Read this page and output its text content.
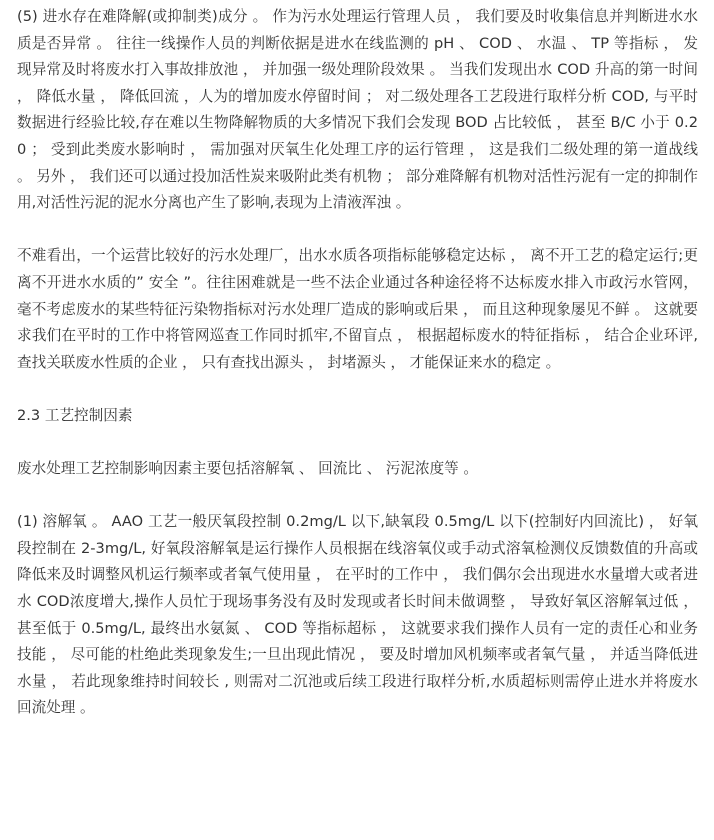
(5) 进水存在难降解(或抑制类)成分 。 作为污水处理运行管理人员 ， 我们要及时收集信息并判断进水水质是否异常 。 往往一线操作人员的判断依据是进水在线监测的 pH 、 COD 、 水温 、 TP 等指标 ， 发现异常及时将废水打入事故排放池 ， 并加强一级处理阶段效果 。 当我们发现出水 COD 升高的第一时间 ， 降低水量 ， 降低回流 ，人为的增加废水停留时间 ； 对二级处理各工艺段进行取样分析 COD, 与平时数据进行经验比较,存在难以生物降解物质的大多情况下我们会发现 BOD 占比较低 ， 甚至 B/C 小于 0.20 ； 受到此类废水影响时 ， 需加强对厌氧生化处理工序的运行管理 ， 这是我们二级处理的第一道战线 。 另外 ， 我们还可以通过投加活性炭来吸附此类有机物 ； 部分难降解有机物对活性污泥有一定的抑制作用,对活性污泥的泥水分离也产生了影响,表现为上清液浑浊 。

不难看出，一个运营比较好的污水处理厂，出水水质各项指标能够稳定达标 ， 离不开工艺的稳定运行;更离不开进水水质的” 安全 ”。往往困难就是一些不法企业通过各种途径将不达标废水排入市政污水管网，毫不考虑废水的某些特征污染物指标对污水处理厂造成的影响或后果 ， 而且这种现象屡见不鲜 。 这就要求我们在平时的工作中将管网巡查工作同时抓牢,不留盲点 ， 根据超标废水的特征指标 ， 结合企业环评,查找关联废水性质的企业 ， 只有查找出源头 ， 封堵源头 ， 才能保证来水的稳定 。

2.3 工艺控制因素

废水处理工艺控制影响因素主要包括溶解氧 、 回流比 、 污泥浓度等 。

(1) 溶解氧 。 AAO 工艺一般厌氧段控制 0.2mg/L 以下,缺氧段 0.5mg/L 以下(控制好内回流比) ， 好氧段控制在 2-3mg/L, 好氧段溶解氧是运行操作人员根据在线溶氧仪或手动式溶氧检测仪反馈数值的升高或降低来及时调整风机运行频率或者氧气使用量 ， 在平时的工作中 ， 我们偶尔会出现进水水量增大或者进水 COD浓度增大,操作人员忙于现场事务没有及时发现或者长时间未做调整 ， 导致好氧区溶解氧过低 ， 甚至低于 0.5mg/L, 最终出水氨氮 、 COD 等指标超标 ， 这就要求我们操作人员有一定的责任心和业务技能 ， 尽可能的杜绝此类现象发生;一旦出现此情况 ， 要及时增加风机频率或者氧气量 ， 并适当降低进水量 ， 若此现象维持时间较长 , 则需对二沉池或后续工段进行取样分析,水质超标则需停止进水并将废水回流处理 。
